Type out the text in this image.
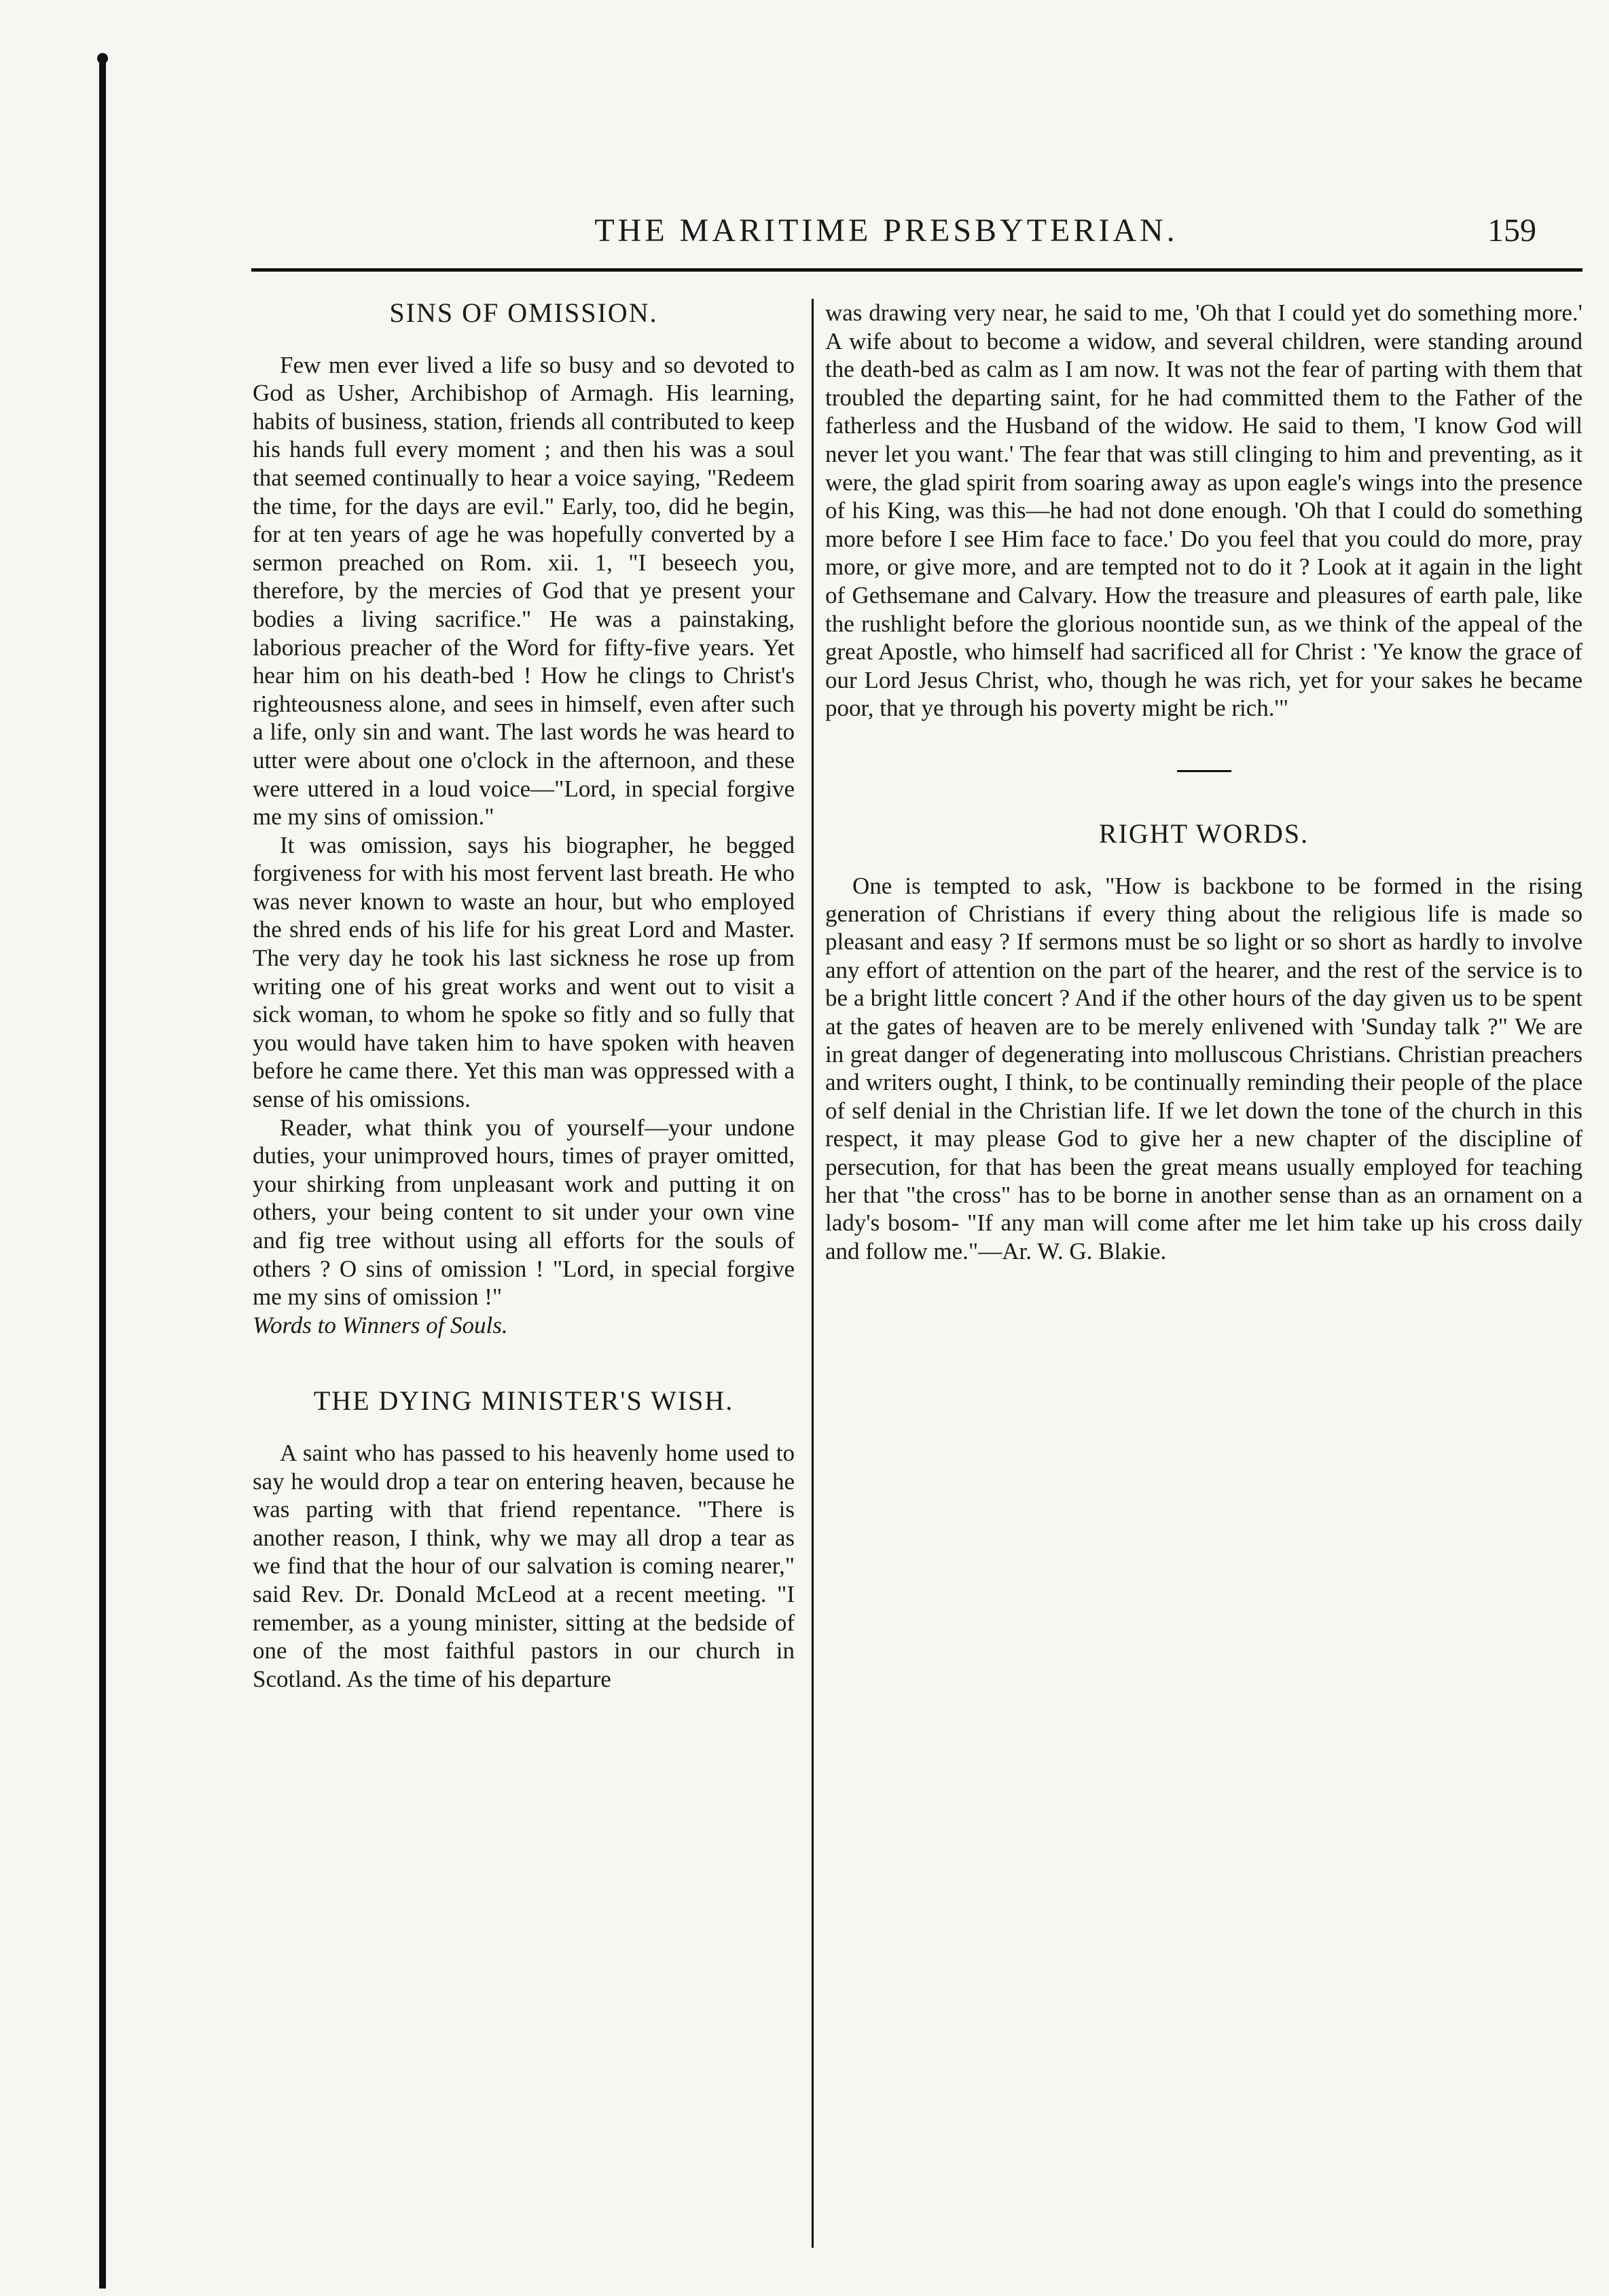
THE MARITIME PRESBYTERIAN.	159
SINS OF OMISSION.

Few men ever lived a life so busy and so devoted to God as Usher, Archibishop of Armagh. His learning, habits of business, station, friends all contributed to keep his hands full every moment ; and then his was a soul that seemed continually to hear a voice saying, "Redeem the time, for the days are evil." Early, too, did he begin, for at ten years of age he was hopefully converted by a sermon preached on Rom. xii. 1, "I beseech you, therefore, by the mercies of God that ye present your bodies a living sacrifice." He was a painstaking, laborious preacher of the Word for fifty-five years. Yet hear him on his death-bed ! How he clings to Christ's righteousness alone, and sees in himself, even after such a life, only sin and want. The last words he was heard to utter were about one o'clock in the afternoon, and these were uttered in a loud voice—"Lord, in special forgive me my sins of omission."

It was omission, says his biographer, he begged forgiveness for with his most fervent last breath. He who was never known to waste an hour, but who employed the shred ends of his life for his great Lord and Master. The very day he took his last sickness he rose up from writing one of his great works and went out to visit a sick woman, to whom he spoke so fitly and so fully that you would have taken him to have spoken with heaven before he came there. Yet this man was oppressed with a sense of his omissions.

Reader, what think you of yourself—your undone duties, your unimproved hours, times of prayer omitted, your shirking from unpleasant work and putting it on others, your being content to sit under your own vine and fig tree without using all efforts for the souls of others ? O sins of omission ! "Lord, in special forgive me my sins of omission !"

Words to Winners of Souls.

THE DYING MINISTER'S WISH.

A saint who has passed to his heavenly home used to say he would drop a tear on entering heaven, because he was parting with that friend repentance. "There is another reason, I think, why we may all drop a tear as we find that the hour of our salvation is coming nearer," said Rev. Dr. Donald McLeod at a recent meeting. "I remember, as a young minister, sitting at the bedside of one of the most faithful pastors in our church in Scotland. As the time of his departure

was drawing very near, he said to me, 'Oh that I could yet do something more.' A wife about to become a widow, and several children, were standing around the death-bed as calm as I am now. It was not the fear of parting with them that troubled the departing saint, for he had committed them to the Father of the fatherless and the Husband of the widow. He said to them, 'I know God will never let you want.' The fear that was still clinging to him and preventing, as it were, the glad spirit from soaring away as upon eagle's wings into the presence of his King, was this—he had not done enough. 'Oh that I could do something more before I see Him face to face.' Do you feel that you could do more, pray more, or give more, and are tempted not to do it ? Look at it again in the light of Gethsemane and Calvary. How the treasure and pleasures of earth pale, like the rushlight before the glorious noontide sun, as we think of the appeal of the great Apostle, who himself had sacrificed all for Christ : 'Ye know the grace of our Lord Jesus Christ, who, though he was rich, yet for your sakes he became poor, that ye through his poverty might be rich.'"

RIGHT WORDS.

One is tempted to ask, "How is backbone to be formed in the rising generation of Christians if every thing about the religious life is made so pleasant and easy ? If sermons must be so light or so short as hardly to involve any effort of attention on the part of the hearer, and the rest of the service is to be a bright little concert ? And if the other hours of the day given us to be spent at the gates of heaven are to be merely enlivened with 'Sunday talk ?" We are in great danger of degenerating into molluscous Christians. Christian preachers and writers ought, I think, to be continually reminding their people of the place of self denial in the Christian life. If we let down the tone of the church in this respect, it may please God to give her a new chapter of the discipline of persecution, for that has been the great means usually employed for teaching her that "the cross" has to be borne in another sense than as an ornament on a lady's bosom- "If any man will come after me let him take up his cross daily and follow me."—Ar. W. G. Blakie.
